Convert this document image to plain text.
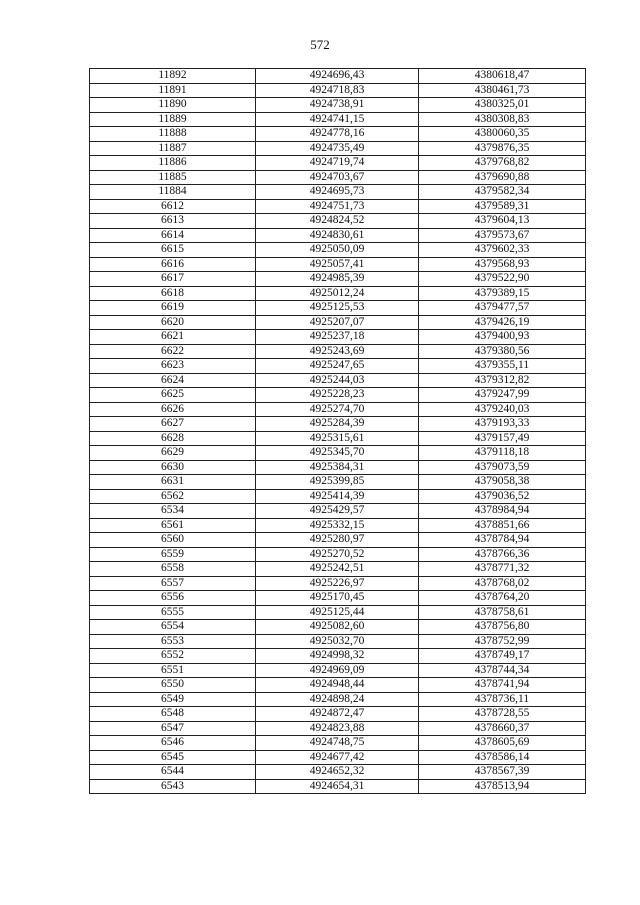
572
11892	4924696,43	4380618,47
11891	4924718,83	4380461,73
11890	4924738,91	4380325,01
11889	4924741,15	4380308,83
11888	4924778,16	4380060,35
11887	4924735,49	4379876,35
11886	4924719,74	4379768,82
11885	4924703,67	4379690,88
11884	4924695,73	4379582,34
6612	4924751,73	4379589,31
6613	4924824,52	4379604,13
6614	4924830,61	4379573,67
6615	4925050,09	4379602,33
6616	4925057,41	4379568,93
6617	4924985,39	4379522,90
6618	4925012,24	4379389,15
6619	4925125,53	4379477,57
6620	4925207,07	4379426,19
6621	4925237,18	4379400,93
6622	4925243,69	4379380,56
6623	4925247,65	4379355,11
6624	4925244,03	4379312,82
6625	4925228,23	4379247,99
6626	4925274,70	4379240,03
6627	4925284,39	4379193,33
6628	4925315,61	4379157,49
6629	4925345,70	4379118,18
6630	4925384,31	4379073,59
6631	4925399,85	4379058,38
6562	4925414,39	4379036,52
6534	4925429,57	4378984,94
6561	4925332,15	4378851,66
6560	4925280,97	4378784,94
6559	4925270,52	4378766,36
6558	4925242,51	4378771,32
6557	4925226,97	4378768,02
6556	4925170,45	4378764,20
6555	4925125,44	4378758,61
6554	4925082,60	4378756,80
6553	4925032,70	4378752,99
6552	4924998,32	4378749,17
6551	4924969,09	4378744,34
6550	4924948,44	4378741,94
6549	4924898,24	4378736,11
6548	4924872,47	4378728,55
6547	4924823,88	4378660,37
6546	4924748,75	4378605,69
6545	4924677,42	4378586,14
6544	4924652,32	4378567,39
6543	4924654,31	4378513,94
